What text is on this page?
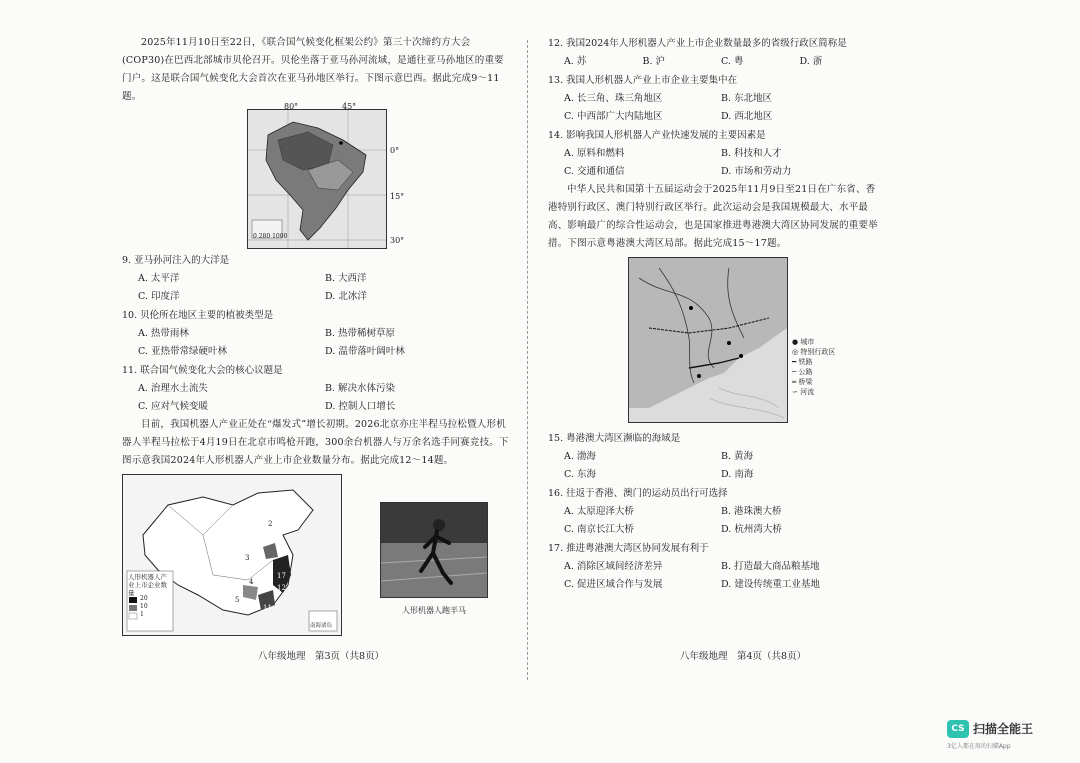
2025年11月10日至22日，《联合国气候变化框架公约》第三十次缔约方大会(COP30)在巴西北部城市贝伦召开。贝伦坐落于亚马孙河流域，是通往亚马孙地区的重要门户。这是联合国气候变化大会首次在亚马孙地区举行。下图示意巴西。据此完成9～11题。

80°	45°
0°
15°
30°
0 280 1000
9. 亚马孙河注入的大洋是
A. 太平洋	B. 大西洋
C. 印度洋	D. 北冰洋
10. 贝伦所在地区主要的植被类型是
A. 热带雨林	B. 热带稀树草原
C. 亚热带常绿硬叶林	D. 温带落叶阔叶林
11. 联合国气候变化大会的核心议题是
A. 治理水土流失	B. 解决水体污染
C. 应对气候变暖	D. 控制人口增长

目前，我国机器人产业正处在“爆发式”增长初期。2026北京亦庄半程马拉松暨人形机器人半程马拉松于4月19日在北京市鸣枪开跑，300余台机器人与万余名选手同赛竞技。下图示意我国2024年人形机器人产业上市企业数量分布。据此完成12～14题。

人形机器人产业上市企业数量
20
10
1
2
3
4
5
17
12
11
南海诸岛
人形机器人跑半马
八年级地理　第3页（共8页）
12. 我国2024年人形机器人产业上市企业数量最多的省级行政区简称是
A. 苏	B. 沪	C. 粤	D. 浙
13. 我国人形机器人产业上市企业主要集中在
A. 长三角、珠三角地区	B. 东北地区
C. 中西部广大内陆地区	D. 西北地区
14. 影响我国人形机器人产业快速发展的主要因素是
A. 原料和燃料	B. 科技和人才
C. 交通和通信	D. 市场和劳动力

中华人民共和国第十五届运动会于2025年11月9日至21日在广东省、香港特别行政区、澳门特别行政区举行。此次运动会是我国规模最大、水平最高、影响最广的综合性运动会，也是国家推进粤港澳大湾区协同发展的重要举措。下图示意粤港澳大湾区局部。据此完成15～17题。

● 城市
◎ 特别行政区
━ 铁路
─ 公路
═ 桥梁
∽ 河流
15. 粤港澳大湾区濒临的海域是
A. 渤海	B. 黄海
C. 东海	D. 南海
16. 往返于香港、澳门的运动员出行可选择
A. 太原迎泽大桥	B. 港珠澳大桥
C. 南京长江大桥	D. 杭州湾大桥
17. 推进粤港澳大湾区协同发展有利于
A. 消除区域间经济差异	B. 打造最大商品粮基地
C. 促进区域合作与发展	D. 建设传统重工业基地
八年级地理　第4页（共8页）
CS 扫描全能王
3亿人都在用的扫描App
